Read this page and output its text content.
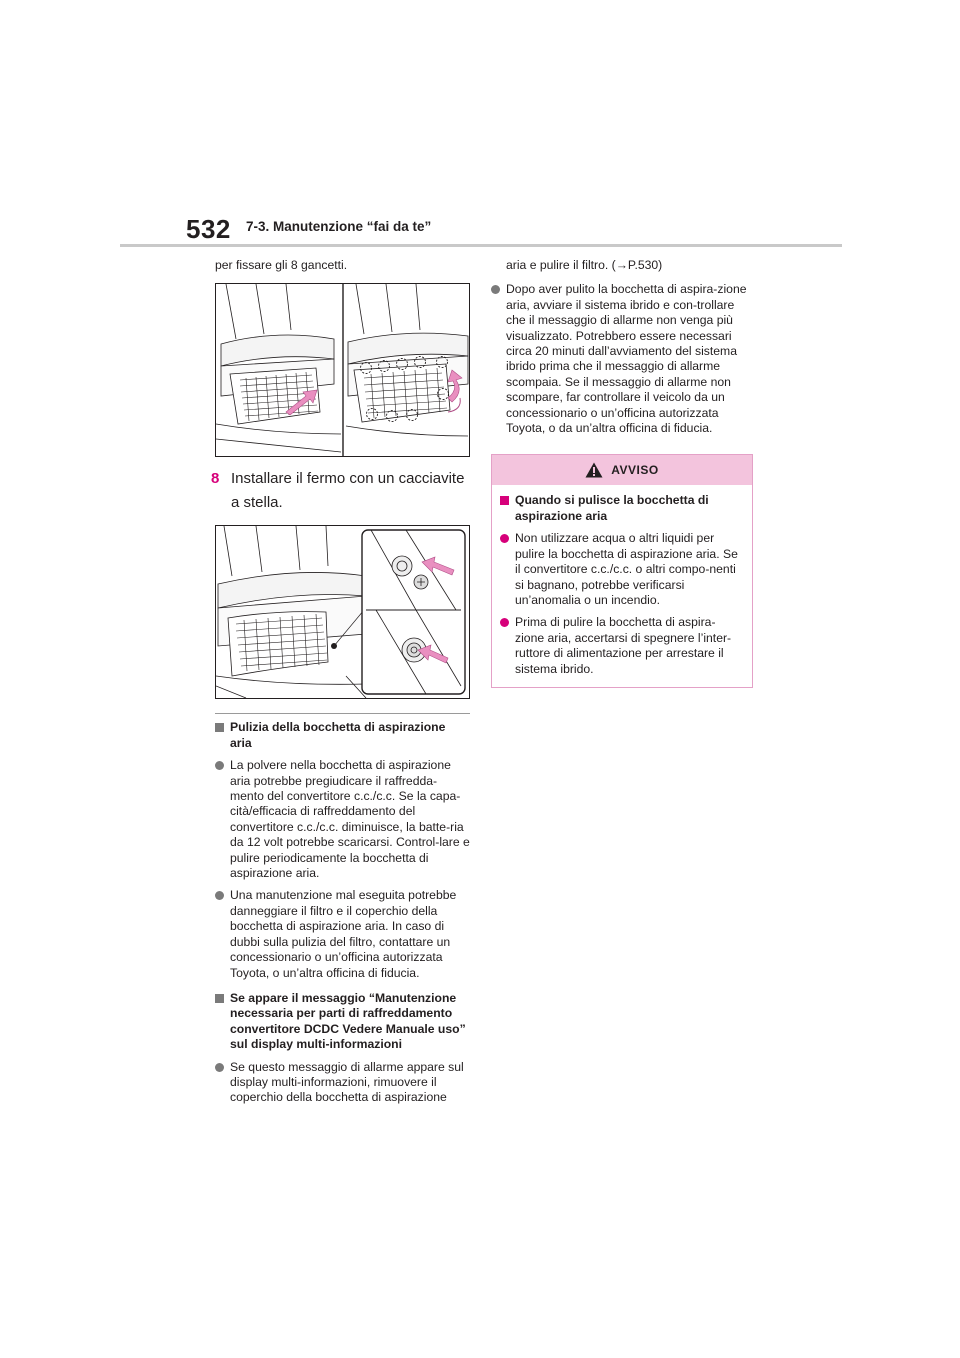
532 7-3. Manutenzione “fai da te”

per fissare gli 8 gancetti.

8 Installare il fermo con un cacciavite a stella.
Pulizia della bocchetta di aspirazione aria

La polvere nella bocchetta di aspirazione aria potrebbe pregiudicare il raffredda-mento del convertitore c.c./c.c. Se la capa-cità/efficacia di raffreddamento del convertitore c.c./c.c. diminuisce, la batte-ria da 12 volt potrebbe scaricarsi. Control-lare e pulire periodicamente la bocchetta di aspirazione aria.

Una manutenzione mal eseguita potrebbe danneggiare il filtro e il coperchio della bocchetta di aspirazione aria. In caso di dubbi sulla pulizia del filtro, contattare un concessionario o un’officina autorizzata Toyota, o un’altra officina di fiducia.

Se appare il messaggio “Manutenzione necessaria per parti di raffreddamento convertitore DCDC Vedere Manuale uso” sul display multi-informazioni

Se questo messaggio di allarme appare sul display multi-informazioni, rimuovere il coperchio della bocchetta di aspirazione

aria e pulire il filtro. (→P.530)

Dopo aver pulito la bocchetta di aspira-zione aria, avviare il sistema ibrido e con-trollare che il messaggio di allarme non venga più visualizzato. Potrebbero essere necessari circa 20 minuti dall’avviamento del sistema ibrido prima che il messaggio di allarme scompaia. Se il messaggio di allarme non scompare, far controllare il veicolo da un concessionario o un’officina autorizzata Toyota, o da un’altra officina di fiducia.

AVVISO
Quando si pulisce la bocchetta di aspirazione aria

Non utilizzare acqua o altri liquidi per pulire la bocchetta di aspirazione aria. Se il convertitore c.c./c.c. o altri compo-nenti si bagnano, potrebbe verificarsi un’anomalia o un incendio.

Prima di pulire la bocchetta di aspira-zione aria, accertarsi di spegnere l’inter-ruttore di alimentazione per arrestare il sistema ibrido.
